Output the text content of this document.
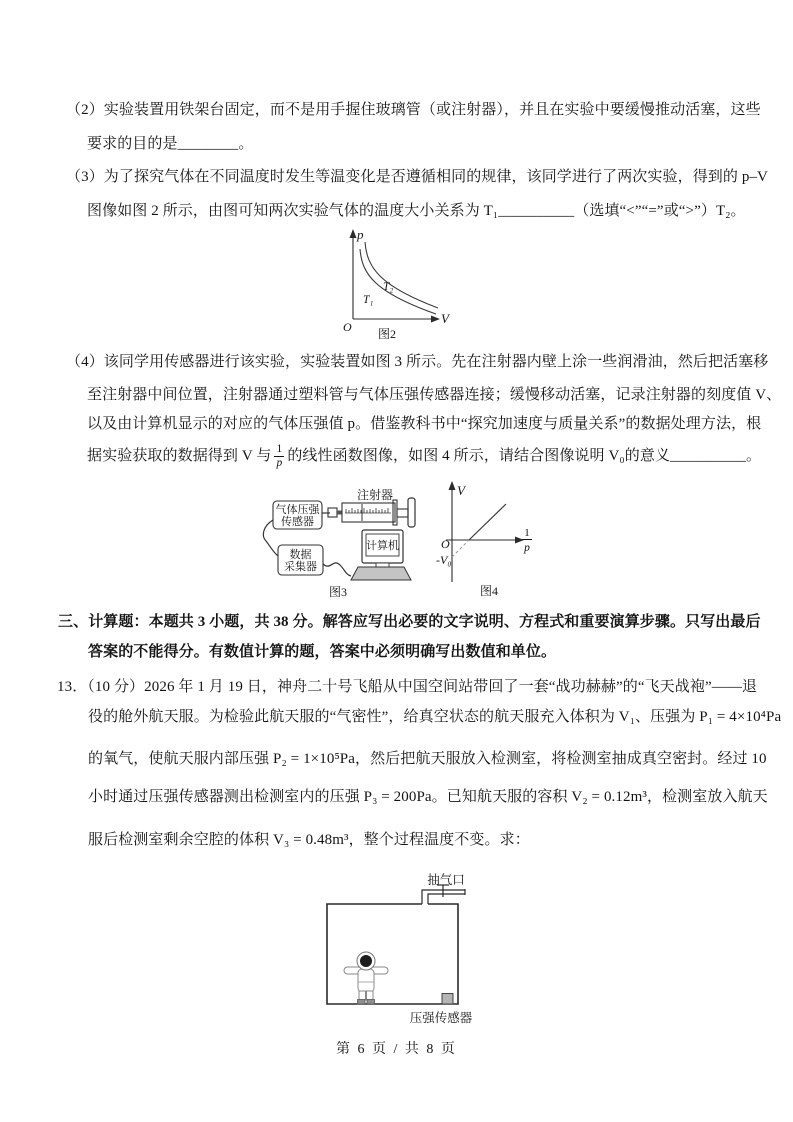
（2）实验装置用铁架台固定，而不是用手握住玻璃管（或注射器），并且在实验中要缓慢推动活塞，这些
要求的目的是________。
（3）为了探究气体在不同温度时发生等温变化是否遵循相同的规律，该同学进行了两次实验，得到的 p–V
图像如图 2 所示，由图可知两次实验气体的温度大小关系为 T₁__________（选填“<”“=”或“>”）T₂。
p
V
O
T₂
T₁
图2
（4）该同学用传感器进行该实验，实验装置如图 3 所示。先在注射器内壁上涂一些润滑油，然后把活塞移
至注射器中间位置，注射器通过塑料管与气体压强传感器连接；缓慢移动活塞，记录注射器的刻度值 V、
以及由计算机显示的对应的气体压强值 p。借鉴教科书中“探究加速度与质量关系”的数据处理方法，根
据实验获取的数据得到 V 与 $\frac{1}{p}$ 的线性函数图像，如图 4 所示，请结合图像说明 V₀的意义__________。
气体压强
传感器
注射器
数据
采集器
计算机
图3
V
O
-V₀
1
p
图4
三、计算题：本题共 3 小题，共 38 分。解答应写出必要的文字说明、方程式和重要演算步骤。只写出最后
答案的不能得分。有数值计算的题，答案中必须明确写出数值和单位。
13．（10 分）2026 年 1 月 19 日，神舟二十号飞船从中国空间站带回了一套“战功赫赫”的“飞天战袍”——退
役的舱外航天服。为检验此航天服的“气密性”，给真空状态的航天服充入体积为 V₁、压强为 P₁ = 4×10⁴Pa
的氧气，使航天服内部压强 P₂ = 1×10⁵Pa，然后把航天服放入检测室，将检测室抽成真空密封。经过 10
小时通过压强传感器测出检测室内的压强 P₃ = 200Pa。已知航天服的容积 V₂ = 0.12m³，检测室放入航天
服后检测室剩余空腔的体积 V₃ = 0.48m³，整个过程温度不变。求：
抽气口
压强传感器
第 6 页 / 共 8 页
